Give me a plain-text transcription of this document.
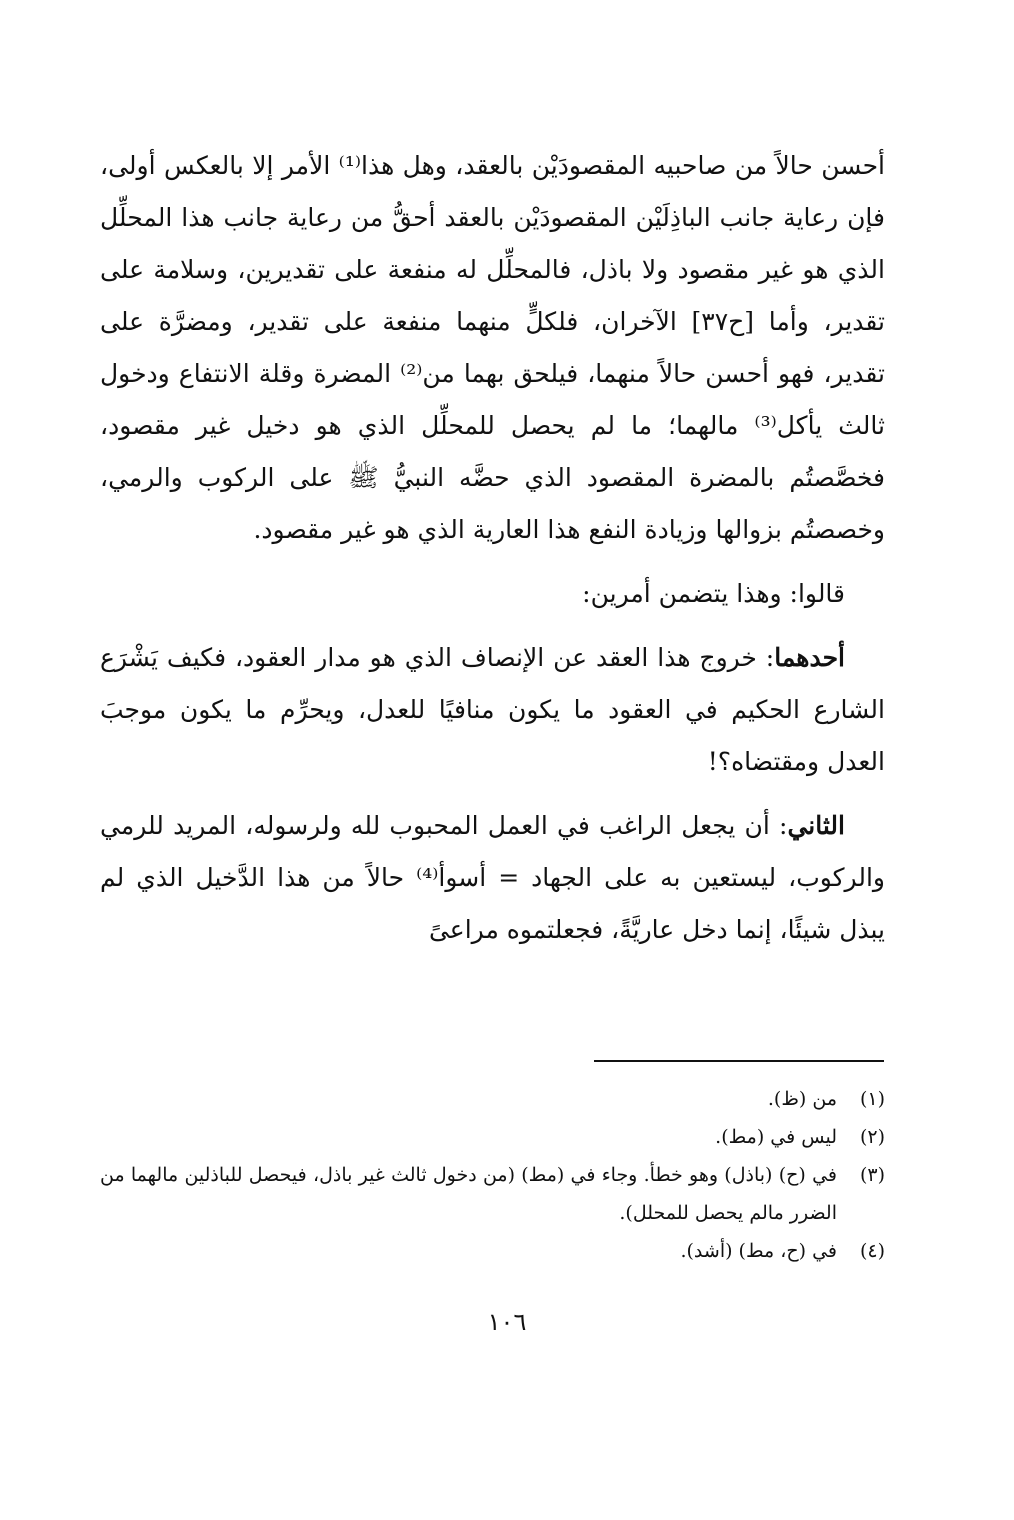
أحسن حالاً من صاحبيه المقصودَيْن بالعقد، وهل هذا⁽¹⁾ الأمر إلا بالعكس أولى، فإن رعاية جانب الباذِلَيْن المقصودَيْن بالعقد أحقُّ من رعاية جانب هذا المحلِّل الذي هو غير مقصود ولا باذل، فالمحلِّل له منفعة على تقديرين، وسلامة على تقدير، وأما [ح٣٧] الآخران، فلكلٍّ منهما منفعة على تقدير، ومضرَّة على تقدير، فهو أحسن حالاً منهما، فيلحق بهما من⁽²⁾ المضرة وقلة الانتفاع ودخول ثالث يأكل⁽³⁾ مالهما؛ ما لم يحصل للمحلِّل الذي هو دخيل غير مقصود، فخصَّصتُم بالمضرة المقصود الذي حضَّه النبيُّ ﷺ على الركوب والرمي، وخصصتُم بزوالها وزيادة النفع هذا العارية الذي هو غير مقصود.

قالوا: وهذا يتضمن أمرين:

أحدهما: خروج هذا العقد عن الإنصاف الذي هو مدار العقود، فكيف يَشْرَع الشارع الحكيم في العقود ما يكون منافيًا للعدل، ويحرِّم ما يكون موجبَ العدل ومقتضاه؟!

الثاني: أن يجعل الراغب في العمل المحبوب لله ولرسوله، المريد للرمي والركوب، ليستعين به على الجهاد = أسوأ⁽⁴⁾ حالاً من هذا الدَّخيل الذي لم يبذل شيئًا، إنما دخل عاريَّةً، فجعلتموه مراعىً

(١)
من (ظ).
(٢)
ليس في (مط).
(٣)
في (ح) (باذل) وهو خطأ. وجاء في (مط) (من دخول ثالث غير باذل، فيحصل للباذلين مالهما من الضرر مالم يحصل للمحلل).
(٤)
في (ح، مط) (أشد).
١٠٦
